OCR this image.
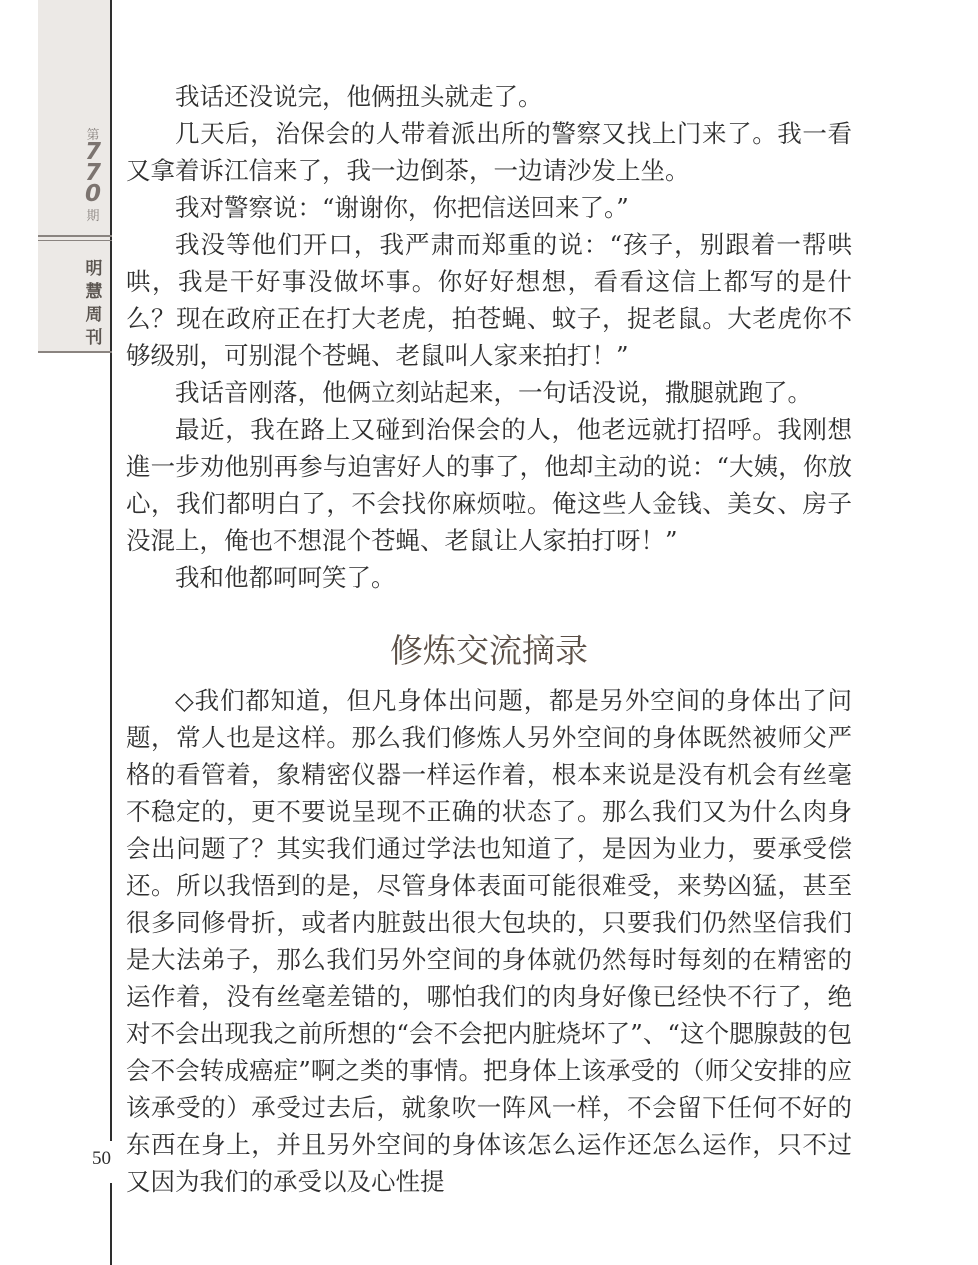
第
770
期
明慧周刊
50

我话还没说完，他俩扭头就走了。

几天后，治保会的人带着派出所的警察又找上门来了。我一看又拿着诉江信来了，我一边倒茶，一边请沙发上坐。

我对警察说：“谢谢你，你把信送回来了。”

我没等他们开口，我严肃而郑重的说：“孩子，别跟着一帮哄哄，我是干好事没做坏事。你好好想想，看看这信上都写的是什么？现在政府正在打大老虎，拍苍蝇、蚊子，捉老鼠。大老虎你不够级别，可别混个苍蝇、老鼠叫人家来拍打！”

我话音刚落，他俩立刻站起来，一句话没说，撒腿就跑了。

最近，我在路上又碰到治保会的人，他老远就打招呼。我刚想進一步劝他别再参与迫害好人的事了，他却主动的说：“大姨，你放心，我们都明白了，不会找你麻烦啦。俺这些人金钱、美女、房子没混上，俺也不想混个苍蝇、老鼠让人家拍打呀！”

我和他都呵呵笑了。

修炼交流摘录

◇我们都知道，但凡身体出问题，都是另外空间的身体出了问题，常人也是这样。那么我们修炼人另外空间的身体既然被师父严格的看管着，象精密仪器一样运作着，根本来说是没有机会有丝毫不稳定的，更不要说呈现不正确的状态了。那么我们又为什么肉身会出问题了？其实我们通过学法也知道了，是因为业力，要承受偿还。所以我悟到的是，尽管身体表面可能很难受，来势凶猛，甚至很多同修骨折，或者内脏鼓出很大包块的，只要我们仍然坚信我们是大法弟子，那么我们另外空间的身体就仍然每时每刻的在精密的运作着，没有丝毫差错的，哪怕我们的肉身好像已经快不行了，绝对不会出现我之前所想的“会不会把内脏烧坏了”、“这个腮腺鼓的包会不会转成癌症”啊之类的事情。把身体上该承受的（师父安排的应该承受的）承受过去后，就象吹一阵风一样，不会留下任何不好的东西在身上，并且另外空间的身体该怎么运作还怎么运作，只不过又因为我们的承受以及心性提
